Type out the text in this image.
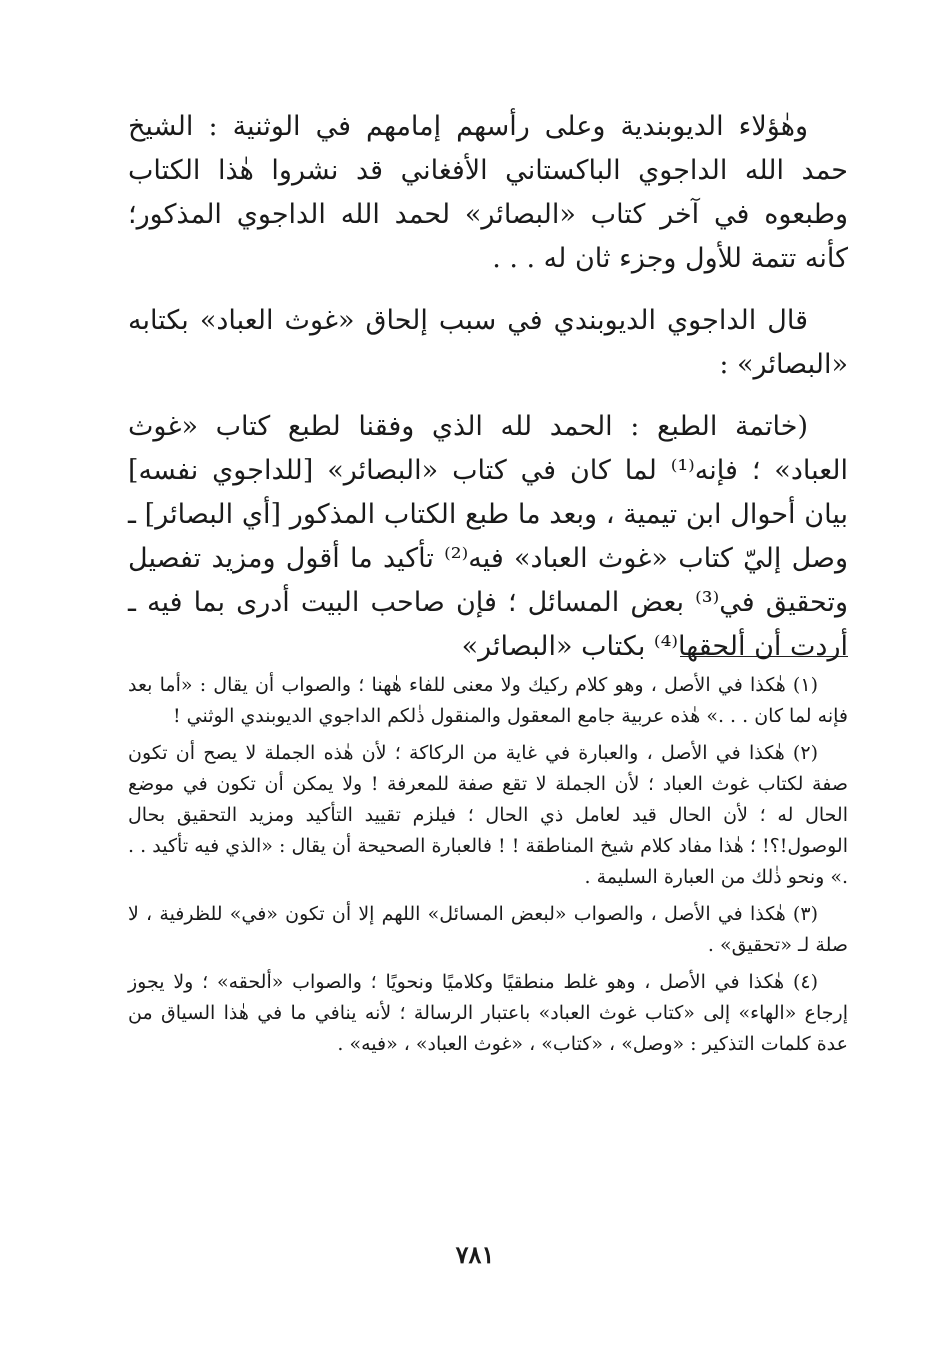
وهٰؤلاء الديوبندية وعلى رأسهم إمامهم في الوثنية : الشيخ حمد الله الداجوي الباكستاني الأفغاني قد نشروا هٰذا الكتاب وطبعوه في آخر كتاب «البصائر» لحمد الله الداجوي المذكور؛ كأنه تتمة للأول وجزء ثان له . . .

قال الداجوي الديوبندي في سبب إلحاق «غوث العباد» بكتابه «البصائر» :

(خاتمة الطبع : الحمد لله الذي وفقنا لطبع كتاب «غوث العباد» ؛ فإنه⁽¹⁾ لما كان في كتاب «البصائر» [للداجوي نفسه] بيان أحوال ابن تيمية ، وبعد ما طبع الكتاب المذكور [أي البصائر] ـ وصل إليّ كتاب «غوث العباد» فيه⁽²⁾ تأكيد ما أقول ومزيد تفصيل وتحقيق في⁽³⁾ بعض المسائل ؛ فإن صاحب البيت أدرى بما فيه ـ أردت أن ألحقها⁽⁴⁾ بكتاب «البصائر»

(١) هٰكذا في الأصل ، وهو كلام ركيك ولا معنى للفاء هٰهنا ؛ والصواب أن يقال : «أما بعد فإنه لما كان . . .» هٰذه عربية جامع المعقول والمنقول ذٰلكم الداجوي الديوبندي الوثني !

(٢) هٰكذا في الأصل ، والعبارة في غاية من الركاكة ؛ لأن هٰذه الجملة لا يصح أن تكون صفة لكتاب غوث العباد ؛ لأن الجملة لا تقع صفة للمعرفة ! ولا يمكن أن تكون في موضع الحال له ؛ لأن الحال قيد لعامل ذي الحال ؛ فيلزم تقييد التأكيد ومزيد التحقيق بحال الوصول!؟! ؛ هٰذا مفاد كلام شيخ المناطقة ! ! فالعبارة الصحيحة أن يقال : «الذي فيه تأكيد . . .» ونحو ذٰلك من العبارة السليمة .

(٣) هٰكذا في الأصل ، والصواب «لبعض المسائل» اللهم إلا أن تكون «في» للظرفية ، لا صلة لـ «تحقيق» .

(٤) هٰكذا في الأصل ، وهو غلط منطقيًا وكلاميًا ونحويًا ؛ والصواب «ألحقه» ؛ ولا يجوز إرجاع «الهاء» إلى «كتاب غوث العباد» باعتبار الرسالة ؛ لأنه ينافي ما في هٰذا السياق من عدة كلمات التذكير : «وصل» ، «كتاب» ، «غوث العباد» ، «فيه» .

٧٨١
